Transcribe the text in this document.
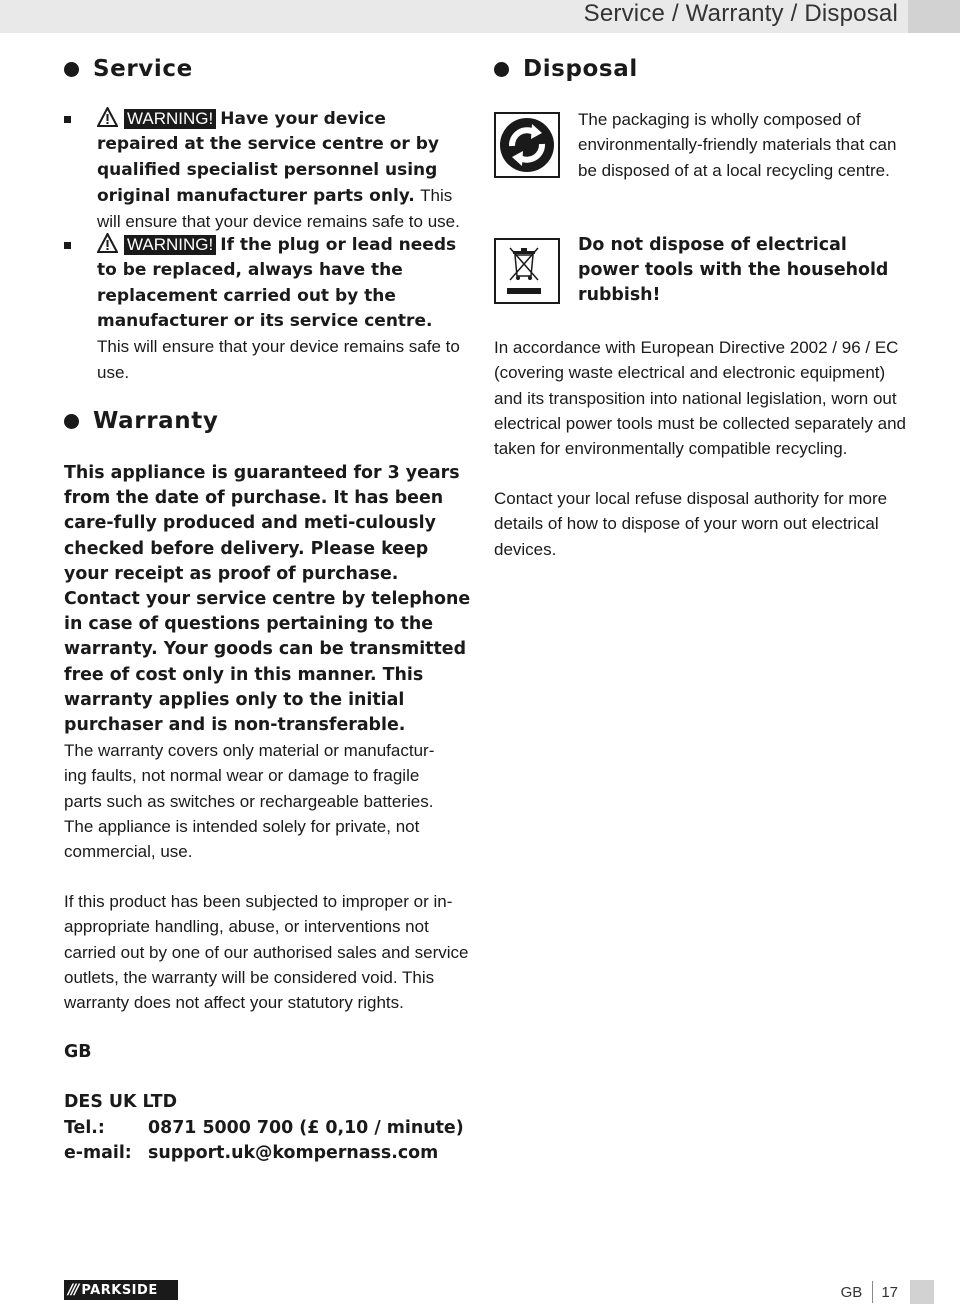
Service / Warranty / Disposal
Service
WARNING! Have your device repaired at the service centre or by qualified specialist personnel using original manufacturer parts only. This will ensure that your device remains safe to use.
WARNING! If the plug or lead needs to be replaced, always have the replacement carried out by the manufacturer or its service centre. This will ensure that your device remains safe to use.
Warranty
This appliance is guaranteed for 3 years from the date of purchase. It has been care-fully produced and meti-culously checked before delivery. Please keep your receipt as proof of purchase. Contact your service centre by telephone in case of questions pertaining to the warranty. Your goods can be transmitted free of cost only in this manner. This warranty applies only to the initial purchaser and is non-transferable.
The warranty covers only material or manufactur-ing faults, not normal wear or damage to fragile parts such as switches or rechargeable batteries. The appliance is intended solely for private, not commercial, use.
If this product has been subjected to improper or in-appropriate handling, abuse, or interventions not carried out by one of our authorised sales and service outlets, the warranty will be considered void. This warranty does not affect your statutory rights.
GB
DES UK LTD
Tel.:	0871 5000 700 (£ 0,10 / minute)
e-mail: support.uk@kompernass.com
Disposal
The packaging is wholly composed of environmentally-friendly materials that can be disposed of at a local recycling centre.
Do not dispose of electrical power tools with the household rubbish!
In accordance with European Directive 2002 / 96 / EC (covering waste electrical and electronic equipment) and its transposition into national legislation, worn out electrical power tools must be collected separately and taken for environmentally compatible recycling.
Contact your local refuse disposal authority for more details of how to dispose of your worn out electrical devices.
/// PARKSIDE	GB 17
